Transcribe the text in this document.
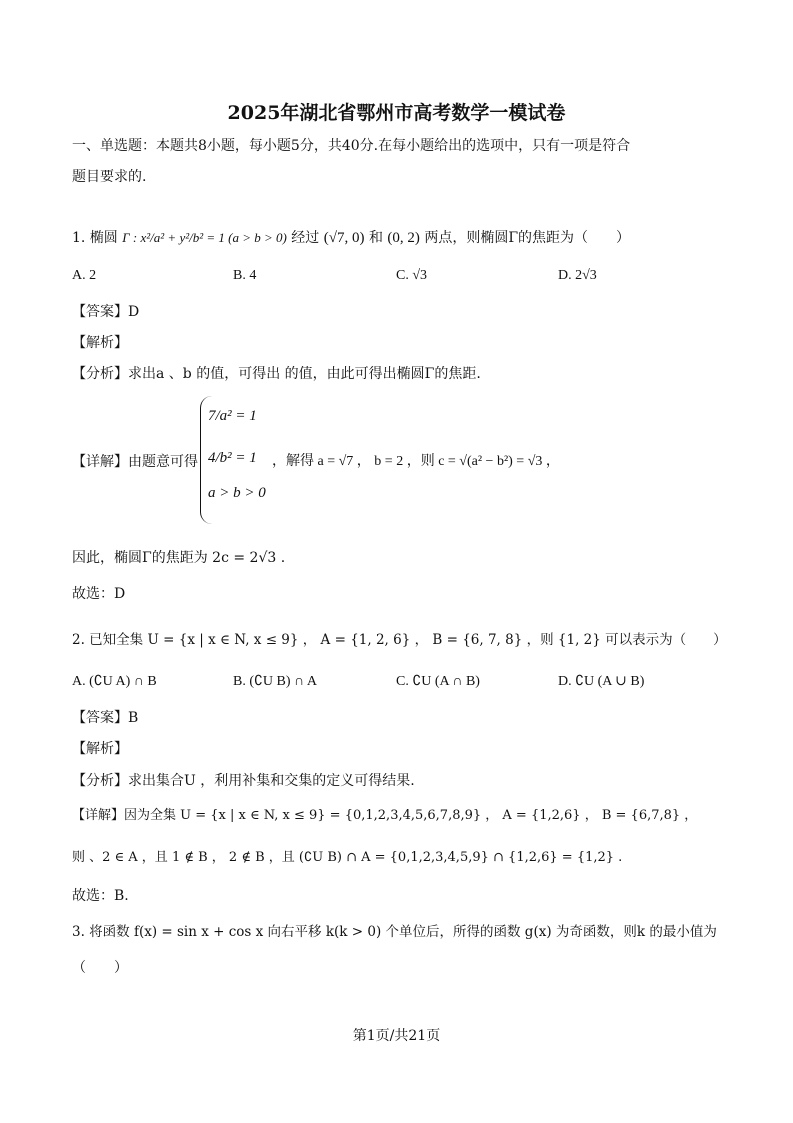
2025年湖北省鄂州市高考数学一模试卷
一、单选题：本题共8小题，每小题5分，共40分.在每小题给出的选项中，只有一项是符合
题目要求的.
1. 椭圆 Γ : x²/a² + y²/b² = 1 (a > b > 0) 经过 (√7, 0) 和 (0, 2) 两点，则椭圆Γ的焦距为（　　）
A. 2	B. 4	C. √3	D. 2√3
【答案】D
【解析】
【分析】求出a 、b 的值，可得出 的值，由此可得出椭圆Γ的焦距.
【详解】由题意可得
7/a² = 1
4/b² = 1
a > b > 0
，解得 a = √7 ， b = 2 ，则 c = √(a² − b²) = √3 ，
因此，椭圆Γ的焦距为 2c = 2√3 .
故选：D
2. 已知全集 U = {x | x ∈ N, x ≤ 9} ， A = {1, 2, 6} ， B = {6, 7, 8} ，则 {1, 2} 可以表示为（　　）
A. (∁U A) ∩ B	B. (∁U B) ∩ A	C. ∁U (A ∩ B)	D. ∁U (A ∪ B)
【答案】B
【解析】
【分析】求出集合U ，利用补集和交集的定义可得结果.
【详解】因为全集 U = {x | x ∈ N, x ≤ 9} = {0,1,2,3,4,5,6,7,8,9} ， A = {1,2,6} ， B = {6,7,8} ，
则 、2 ∈ A ，且 1 ∉ B ， 2 ∉ B ，且 (∁U B) ∩ A = {0,1,2,3,4,5,9} ∩ {1,2,6} = {1,2} .
故选：B.
3. 将函数 f(x) = sin x + cos x 向右平移 k(k > 0) 个单位后，所得的函数 g(x) 为奇函数，则k 的最小值为
（　　）
第1页/共21页
